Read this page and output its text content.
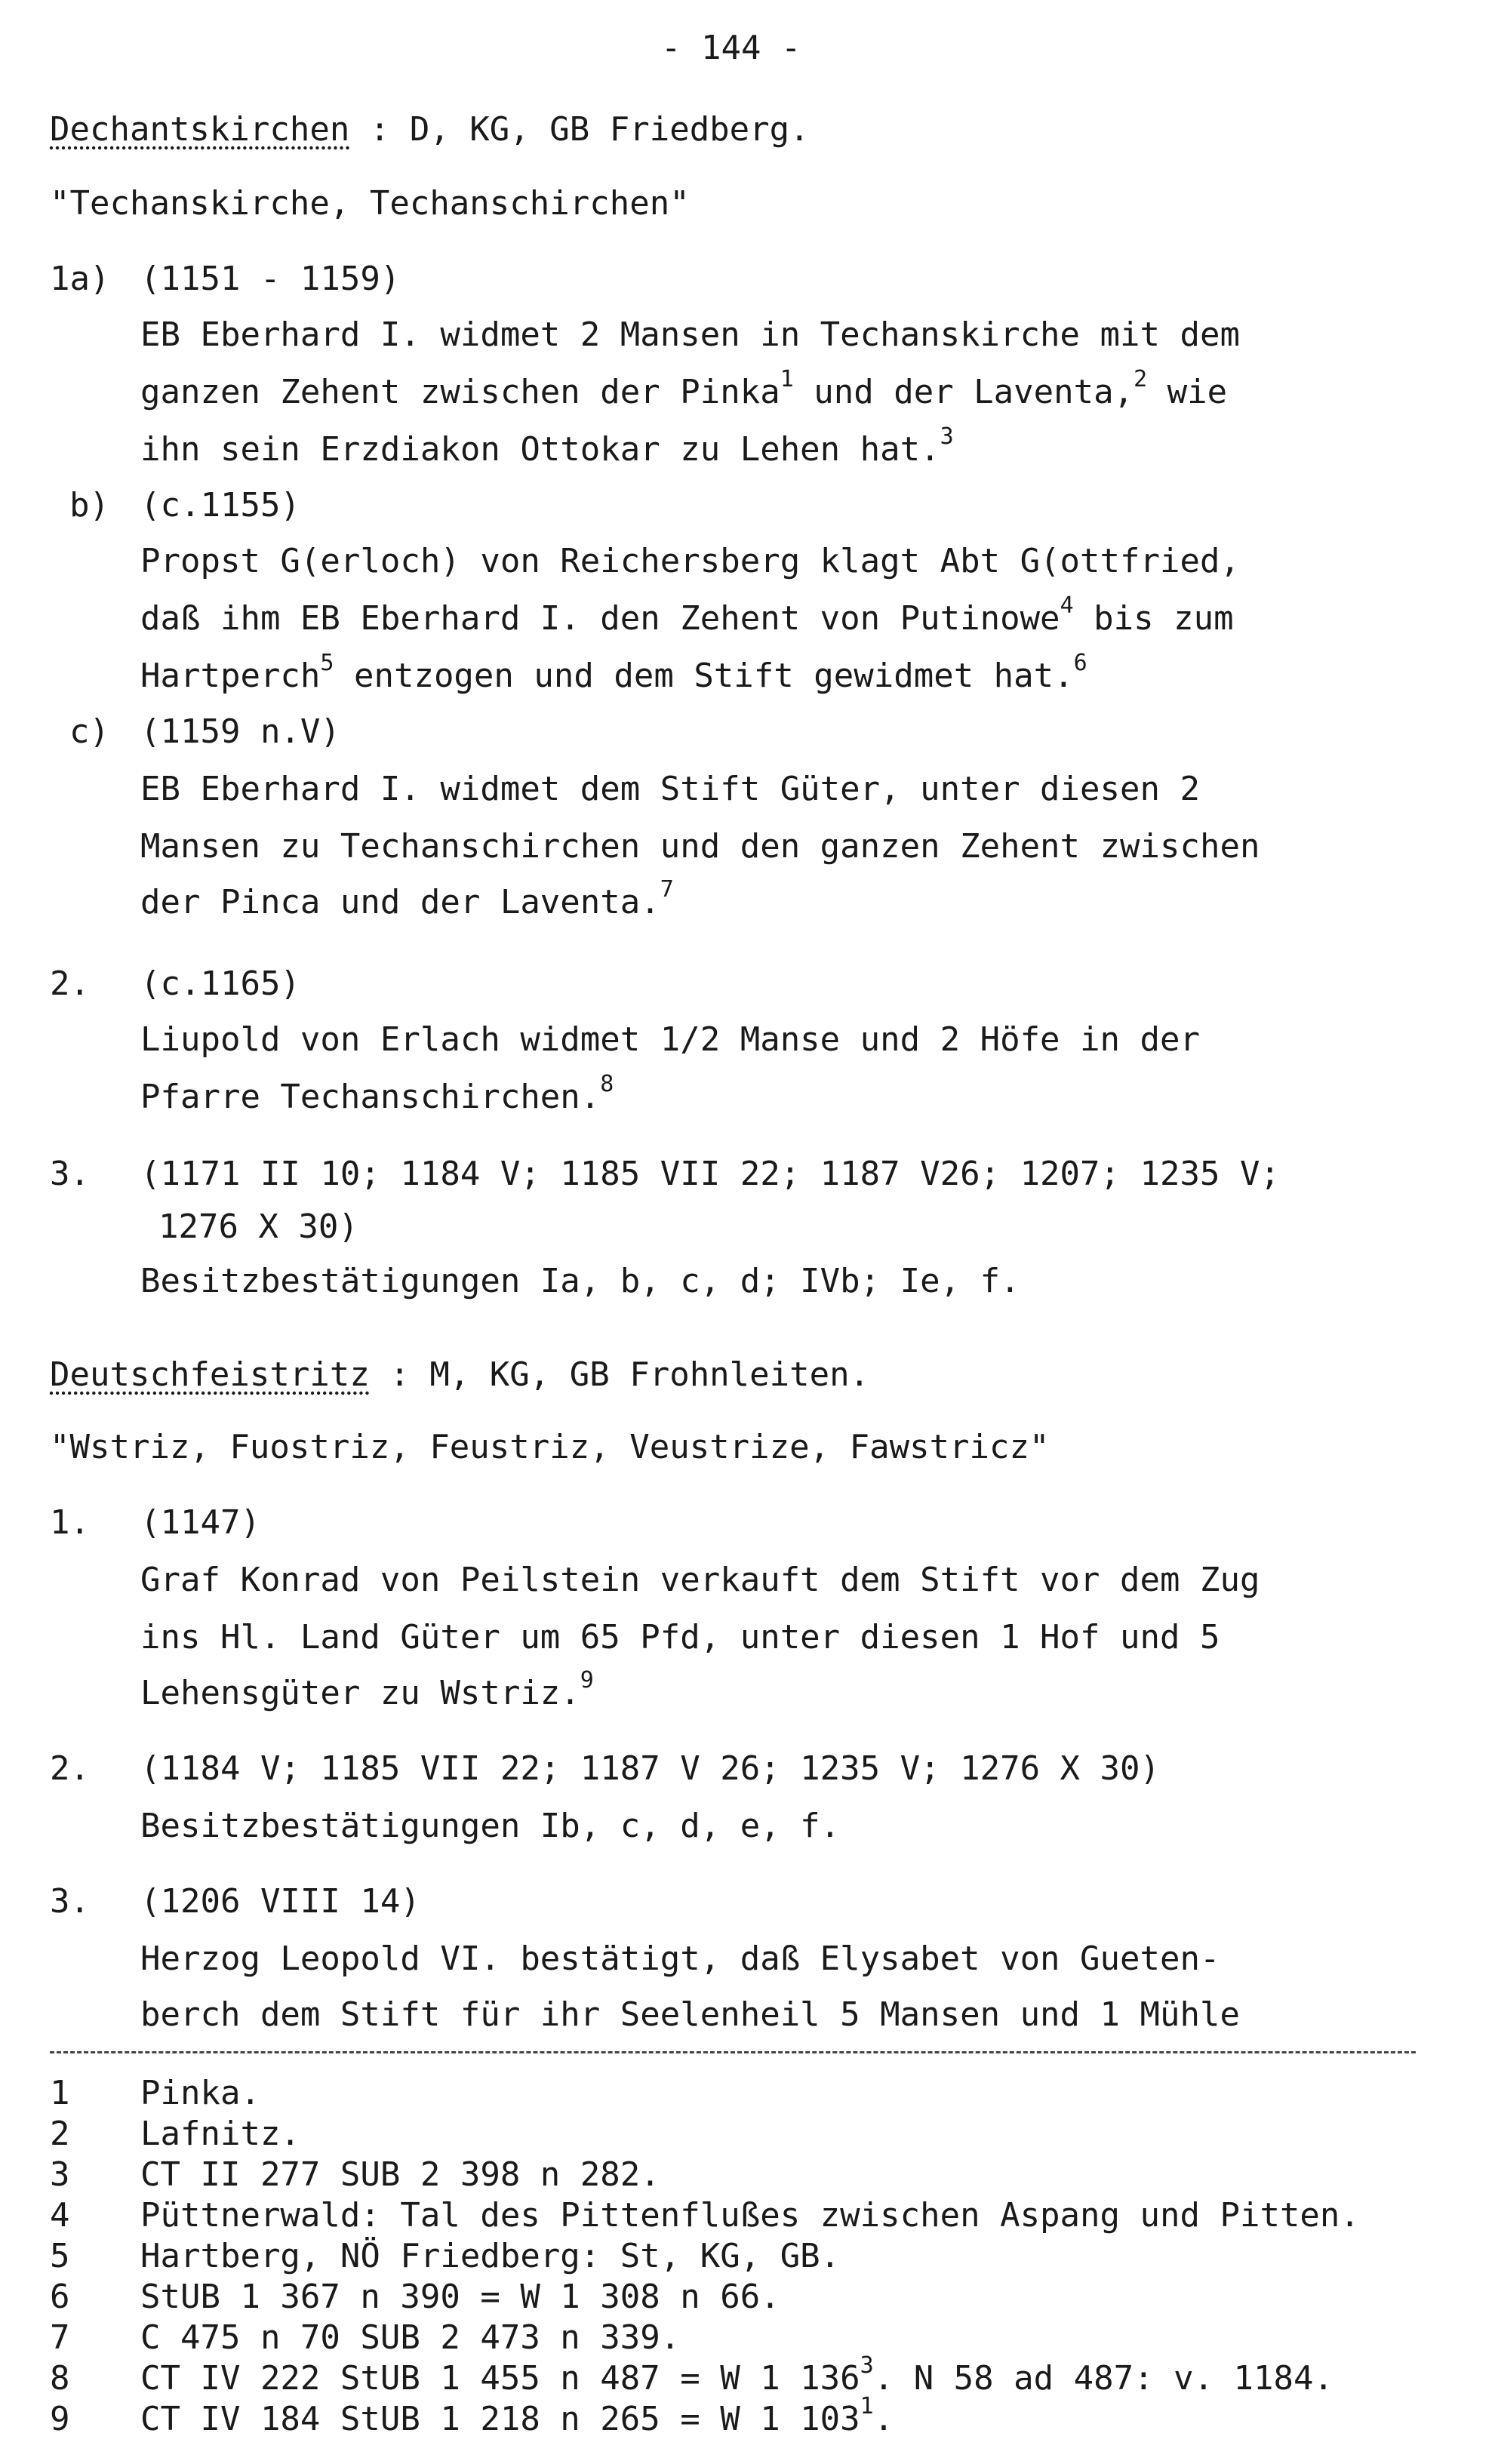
- 144 -
Dechantskirchen : D, KG, GB Friedberg.
"Techanskirche, Techanschirchen"
1a) (1151 - 1159)
EB Eberhard I. widmet 2 Mansen in Techanskirche mit dem
ganzen Zehent zwischen der Pinka$^1$ und der Laventa,$^2$ wie
ihn sein Erzdiakon Ottokar zu Lehen hat.$^3$
b) (c.1155)
Propst G(erloch) von Reichersberg klagt Abt G(ottfried,
daß ihm EB Eberhard I. den Zehent von Putinowe$^4$ bis zum
Hartperch$^5$ entzogen und dem Stift gewidmet hat.$^6$
c) (1159 n.V)
EB Eberhard I. widmet dem Stift Güter, unter diesen 2
Mansen zu Techanschirchen und den ganzen Zehent zwischen
der Pinca und der Laventa.$^7$
2. (c.1165)
Liupold von Erlach widmet 1/2 Manse und 2 Höfe in der
Pfarre Techanschirchen.$^8$
3. (1171 II 10; 1184 V; 1185 VII 22; 1187 V26; 1207; 1235 V;
1276 X 30)
Besitzbestätigungen Ia, b, c, d; IVb; Ie, f.
Deutschfeistritz : M, KG, GB Frohnleiten.
"Wstriz, Fuostriz, Feustriz, Veustrize, Fawstricz"
1. (1147)
Graf Konrad von Peilstein verkauft dem Stift vor dem Zug
ins Hl. Land Güter um 65 Pfd, unter diesen 1 Hof und 5
Lehensgüter zu Wstriz.$^9$
2. (1184 V; 1185 VII 22; 1187 V 26; 1235 V; 1276 X 30)
Besitzbestätigungen Ib, c, d, e, f.
3. (1206 VIII 14)
Herzog Leopold VI. bestätigt, daß Elysabet von Gueten-
berch dem Stift für ihr Seelenheil 5 Mansen und 1 Mühle
1	Pinka.
2	Lafnitz.
3	CT II 277 SUB 2 398 n 282.
4	Püttnerwald: Tal des Pittenflußes zwischen Aspang und Pitten.
5	Hartberg, NÖ Friedberg: St, KG, GB.
6	StUB 1 367 n 390 = W 1 308 n 66.
7	C 475 n 70 SUB 2 473 n 339.
8	CT IV 222 StUB 1 455 n 487 = W 1 $136^3$. N 58 ad 487: v. 1184.
9	CT IV 184 StUB 1 218 n 265 = W 1 $103^1$.
